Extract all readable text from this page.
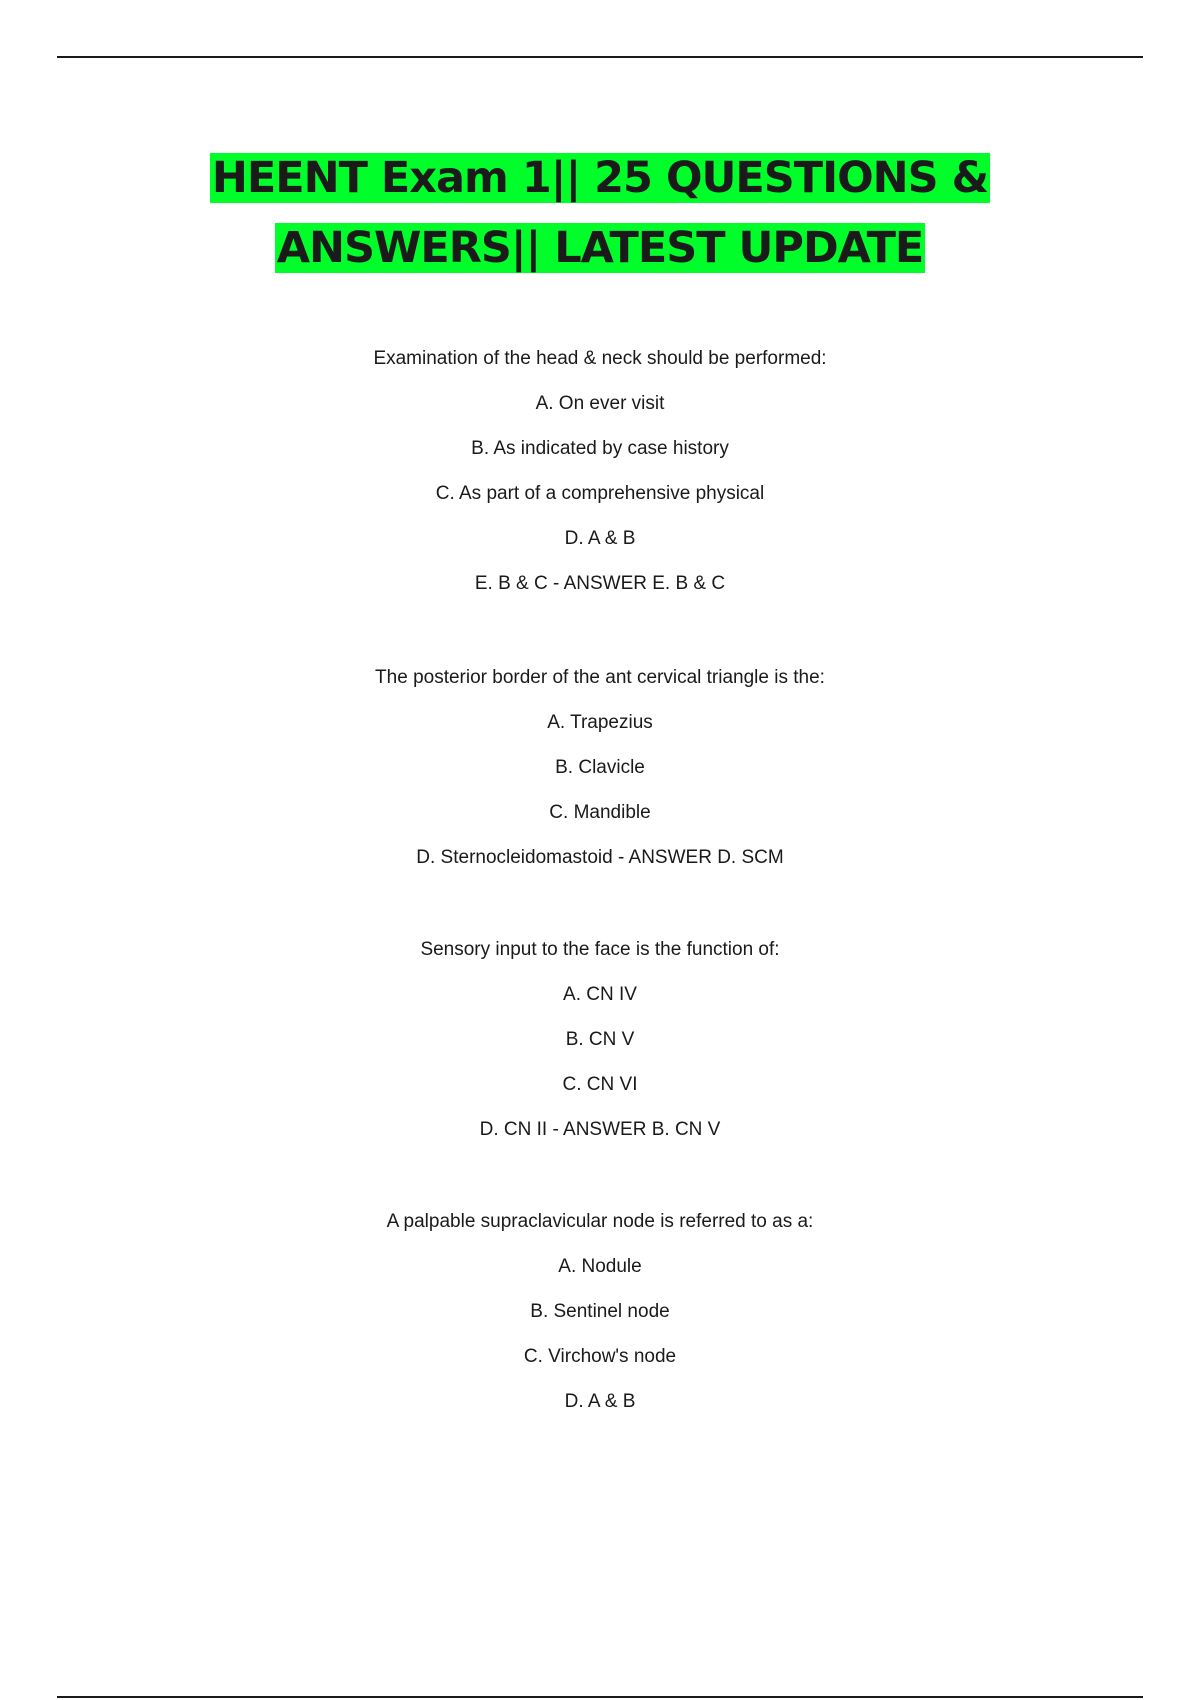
HEENT Exam 1|| 25 QUESTIONS &
ANSWERS|| LATEST UPDATE

Examination of the head & neck should be performed:

A. On ever visit

B. As indicated by case history

C. As part of a comprehensive physical

D. A & B

E. B & C - ANSWER E. B & C

The posterior border of the ant cervical triangle is the:

A. Trapezius

B. Clavicle

C. Mandible

D. Sternocleidomastoid - ANSWER D. SCM

Sensory input to the face is the function of:

A. CN IV

B. CN V

C. CN VI

D. CN II - ANSWER B. CN V

A palpable supraclavicular node is referred to as a:

A. Nodule

B. Sentinel node

C. Virchow's node

D. A & B
